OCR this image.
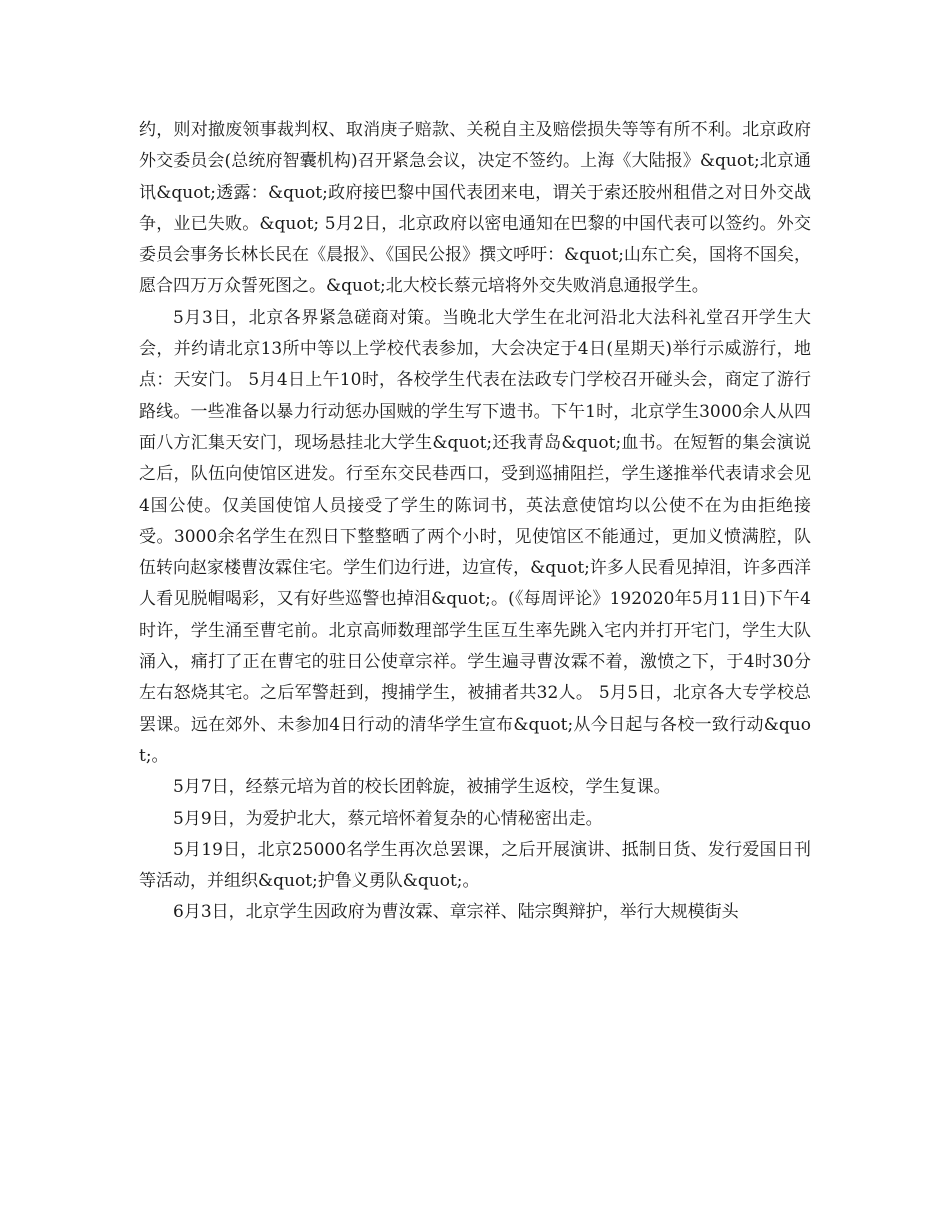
约，则对撤废领事裁判权、取消庚子赔款、关税自主及赔偿损失等等有所不利。北京政府外交委员会(总统府智囊机构)召开紧急会议，决定不签约。上海《大陆报》&quot;北京通讯&quot;透露：&quot;政府接巴黎中国代表团来电，谓关于索还胶州租借之对日外交战争，业已失败。&quot; 5月2日，北京政府以密电通知在巴黎的中国代表可以签约。外交委员会事务长林长民在《晨报》、《国民公报》撰文呼吁：&quot;山东亡矣，国将不国矣，愿合四万万众誓死图之。&quot;北大校长蔡元培将外交失败消息通报学生。

5月3日，北京各界紧急磋商对策。当晚北大学生在北河沿北大法科礼堂召开学生大会，并约请北京13所中等以上学校代表参加，大会决定于4日(星期天)举行示威游行，地点：天安门。 5月4日上午10时，各校学生代表在法政专门学校召开碰头会，商定了游行路线。一些准备以暴力行动惩办国贼的学生写下遗书。下午1时，北京学生3000余人从四面八方汇集天安门，现场悬挂北大学生&quot;还我青岛&quot;血书。在短暂的集会演说之后，队伍向使馆区进发。行至东交民巷西口，受到巡捕阻拦，学生遂推举代表请求会见4国公使。仅美国使馆人员接受了学生的陈词书，英法意使馆均以公使不在为由拒绝接受。3000余名学生在烈日下整整晒了两个小时，见使馆区不能通过，更加义愤满腔，队伍转向赵家楼曹汝霖住宅。学生们边行进，边宣传，&quot;许多人民看见掉泪，许多西洋人看见脱帽喝彩，又有好些巡警也掉泪&quot;。(《每周评论》192020年5月11日)下午4时许，学生涌至曹宅前。北京高师数理部学生匡互生率先跳入宅内并打开宅门，学生大队涌入，痛打了正在曹宅的驻日公使章宗祥。学生遍寻曹汝霖不着，激愤之下，于4时30分左右怒烧其宅。之后军警赶到，搜捕学生，被捕者共32人。 5月5日，北京各大专学校总罢课。远在郊外、未参加4日行动的清华学生宣布&quot;从今日起与各校一致行动&quot;。

5月7日，经蔡元培为首的校长团斡旋，被捕学生返校，学生复课。

5月9日，为爱护北大，蔡元培怀着复杂的心情秘密出走。

5月19日，北京25000名学生再次总罢课，之后开展演讲、抵制日货、发行爱国日刊等活动，并组织&quot;护鲁义勇队&quot;。

6月3日，北京学生因政府为曹汝霖、章宗祥、陆宗舆辩护，举行大规模街头
